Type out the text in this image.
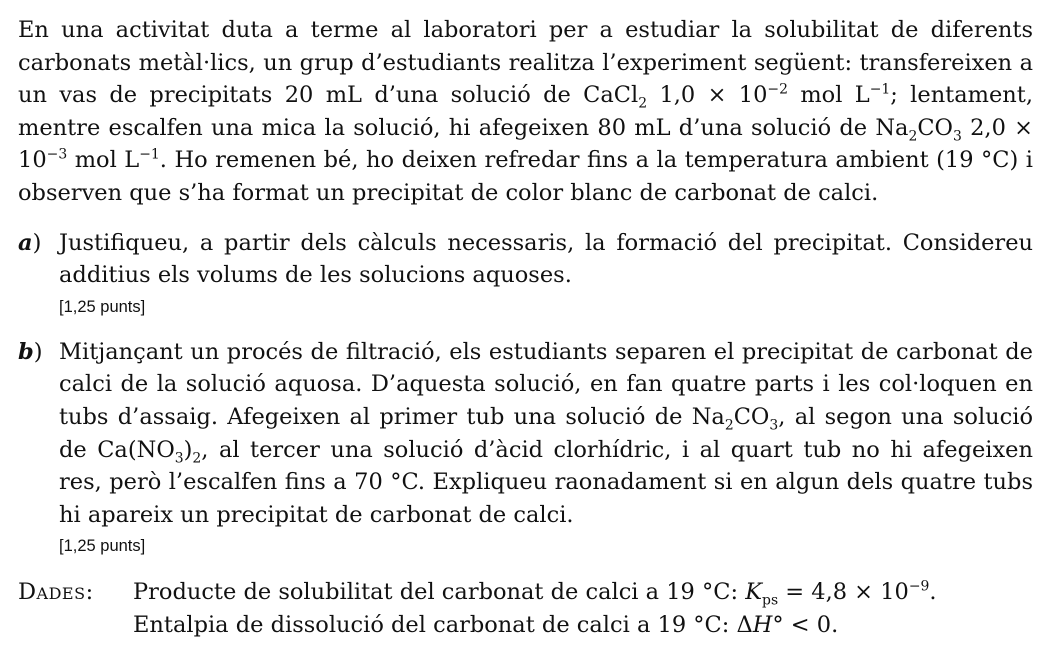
En una activitat duta a terme al laboratori per a estudiar la solubilitat de diferents carbonats metàl·lics, un grup d’estudiants realitza l’experiment següent: transfereixen a un vas de precipitats 20 mL d’una solució de CaCl$_2$ $1,0 \times 10^{-2}$ mol $L^{-1}$; lentament, mentre escalfen una mica la solució, hi afegeixen 80 mL d’una solució de $Na_2CO_3$ $2,0 \times 10^{-3}$ mol $L^{-1}$. Ho remenen bé, ho deixen refredar fins a la temperatura ambient (19 °C) i observen que s’ha format un precipitat de color blanc de carbonat de calci.

a) Justifiqueu, a partir dels càlculs necessaris, la formació del precipitat. Considereu additius els volums de les solucions aquoses.

[1,25 punts]
b) Mitjançant un procés de filtració, els estudiants separen el precipitat de carbonat de calci de la solució aquosa. D’aquesta solució, en fan quatre parts i les col·loquen en tubs d’assaig. Afegeixen al primer tub una solució de $Na_2CO_3$, al segon una solució de $Ca(NO_3)_2$, al tercer una solució d’àcid clorhídric, i al quart tub no hi afegeixen res, però l’escalfen fins a 70 °C. Expliqueu raonadament si en algun dels quatre tubs hi apareix un precipitat de carbonat de calci.

[1,25 punts]
Dades: Producte de solubilitat del carbonat de calci a 19 °C: $K_{ps} = 4,8 \times 10^{-9}$.
Entalpia de dissolució del carbonat de calci a 19 °C: ΔH° < 0.
